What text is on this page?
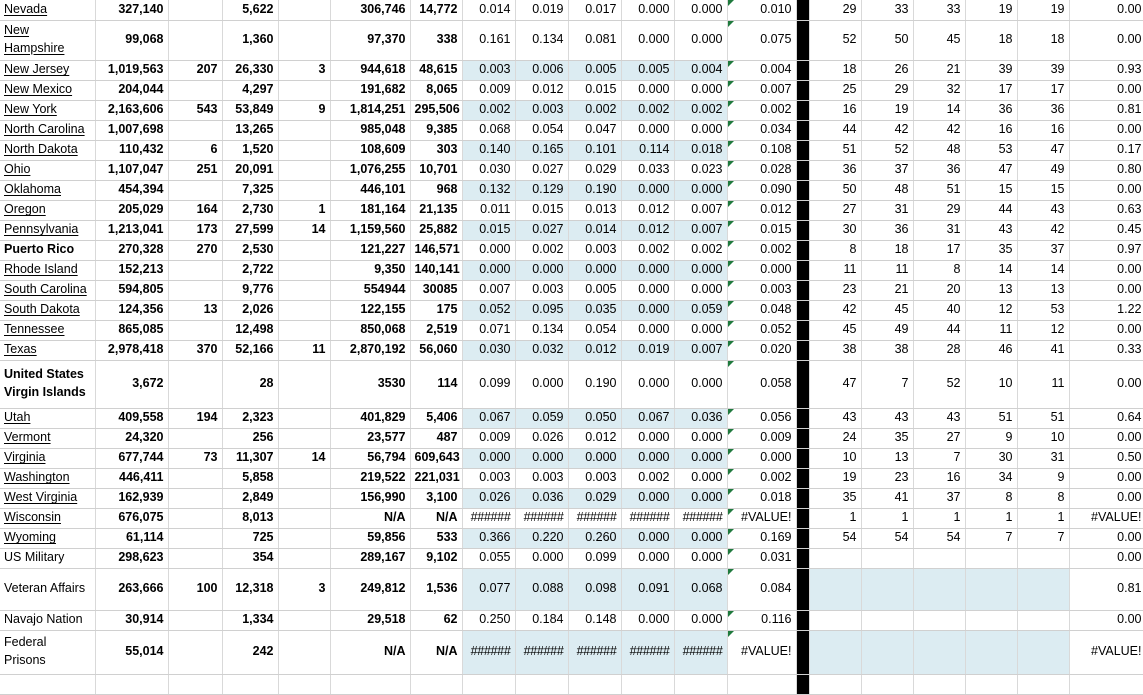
Nevada	327,140		5,622		306,746	14,772	0.014	0.019	0.017	0.000	0.000	0.010		29	33	33	19	19	0.00
New Hampshire	99,068		1,360		97,370	338	0.161	0.134	0.081	0.000	0.000	0.075		52	50	45	18	18	0.00
New Jersey	1,019,563	207	26,330	3	944,618	48,615	0.003	0.006	0.005	0.005	0.004	0.004		18	26	21	39	39	0.93
New Mexico	204,044		4,297		191,682	8,065	0.009	0.012	0.015	0.000	0.000	0.007		25	29	32	17	17	0.00
New York	2,163,606	543	53,849	9	1,814,251	295,506	0.002	0.003	0.002	0.002	0.002	0.002		16	19	14	36	36	0.81
North Carolina	1,007,698		13,265		985,048	9,385	0.068	0.054	0.047	0.000	0.000	0.034		44	42	42	16	16	0.00
North Dakota	110,432	6	1,520		108,609	303	0.140	0.165	0.101	0.114	0.018	0.108		51	52	48	53	47	0.17
Ohio	1,107,047	251	20,091		1,076,255	10,701	0.030	0.027	0.029	0.033	0.023	0.028		36	37	36	47	49	0.80
Oklahoma	454,394		7,325		446,101	968	0.132	0.129	0.190	0.000	0.000	0.090		50	48	51	15	15	0.00
Oregon	205,029	164	2,730	1	181,164	21,135	0.011	0.015	0.013	0.012	0.007	0.012		27	31	29	44	43	0.63
Pennsylvania	1,213,041	173	27,599	14	1,159,560	25,882	0.015	0.027	0.014	0.012	0.007	0.015		30	36	31	43	42	0.45
Puerto Rico	270,328	270	2,530		121,227	146,571	0.000	0.002	0.003	0.002	0.002	0.002		8	18	17	35	37	0.97
Rhode Island	152,213		2,722		9,350	140,141	0.000	0.000	0.000	0.000	0.000	0.000		11	11	8	14	14	0.00
South Carolina	594,805		9,776		554944	30085	0.007	0.003	0.005	0.000	0.000	0.003		23	21	20	13	13	0.00
South Dakota	124,356	13	2,026		122,155	175	0.052	0.095	0.035	0.000	0.059	0.048		42	45	40	12	53	1.22
Tennessee	865,085		12,498		850,068	2,519	0.071	0.134	0.054	0.000	0.000	0.052		45	49	44	11	12	0.00
Texas	2,978,418	370	52,166	11	2,870,192	56,060	0.030	0.032	0.012	0.019	0.007	0.020		38	38	28	46	41	0.33
United States Virgin Islands	3,672		28		3530	114	0.099	0.000	0.190	0.000	0.000	0.058		47	7	52	10	11	0.00
Utah	409,558	194	2,323		401,829	5,406	0.067	0.059	0.050	0.067	0.036	0.056		43	43	43	51	51	0.64
Vermont	24,320		256		23,577	487	0.009	0.026	0.012	0.000	0.000	0.009		24	35	27	9	10	0.00
Virginia	677,744	73	11,307	14	56,794	609,643	0.000	0.000	0.000	0.000	0.000	0.000		10	13	7	30	31	0.50
Washington	446,411		5,858		219,522	221,031	0.003	0.003	0.003	0.002	0.000	0.002		19	23	16	34	9	0.00
West Virginia	162,939		2,849		156,990	3,100	0.026	0.036	0.029	0.000	0.000	0.018		35	41	37	8	8	0.00
Wisconsin	676,075		8,013		N/A	N/A	######	######	######	######	######	#VALUE!		1	1	1	1	1	#VALUE!
Wyoming	61,114		725		59,856	533	0.366	0.220	0.260	0.000	0.000	0.169		54	54	54	7	7	0.00
US Military	298,623		354		289,167	9,102	0.055	0.000	0.099	0.000	0.000	0.031							0.00
Veteran Affairs	263,666	100	12,318	3	249,812	1,536	0.077	0.088	0.098	0.091	0.068	0.084							0.81
Navajo Nation	30,914		1,334		29,518	62	0.250	0.184	0.148	0.000	0.000	0.116							0.00
Federal Prisons	55,014		242		N/A	N/A	######	######	######	######	######	#VALUE!							#VALUE!
